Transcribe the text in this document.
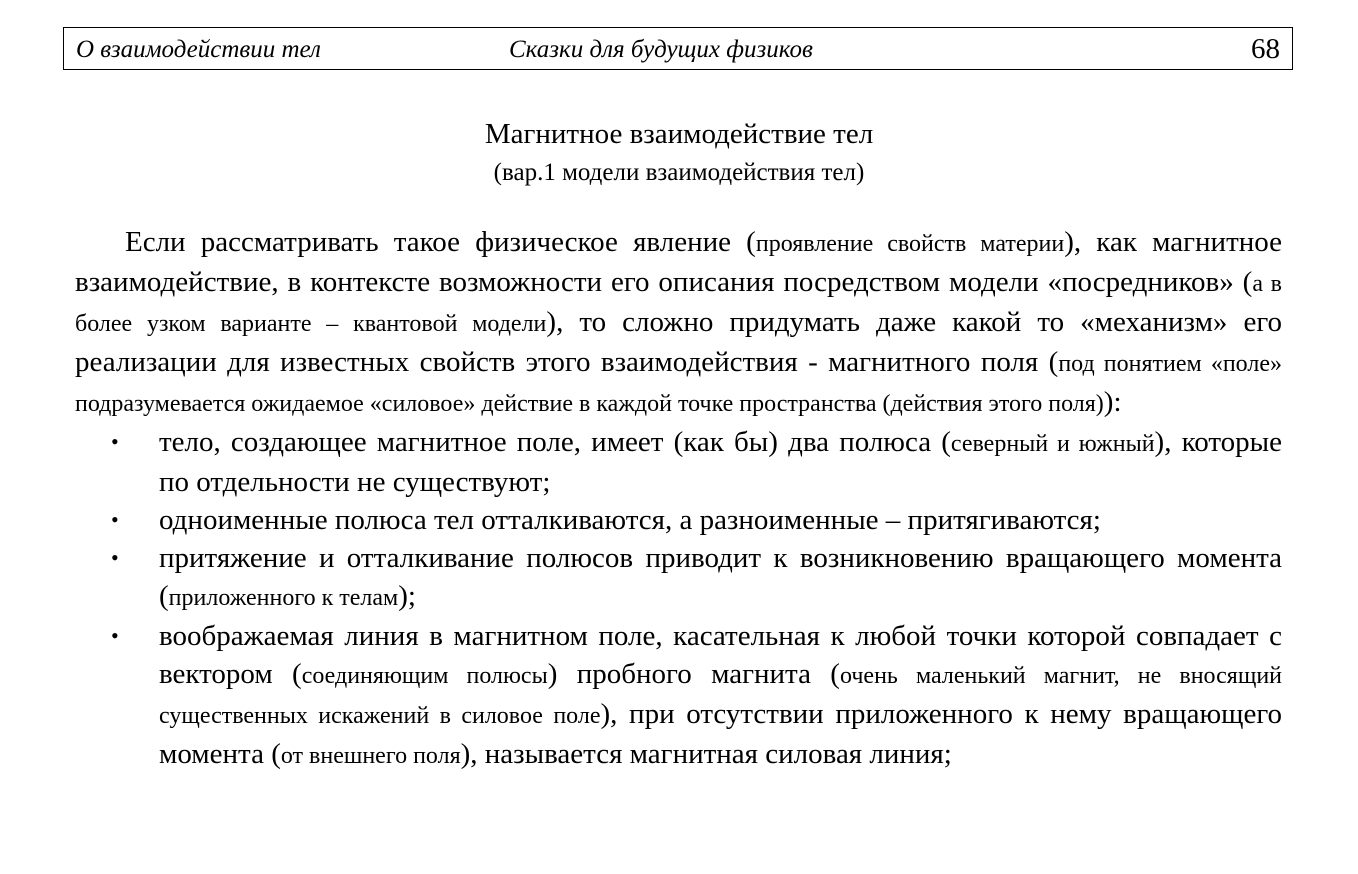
О взаимодействии тел	Сказки для будущих физиков	68
Магнитное взаимодействие тел
(вар.1 модели взаимодействия тел)

Если рассматривать такое физическое явление (проявление свойств материи), как магнитное взаимодействие, в контексте возможности его описания посредством модели «посредников» (а в более узком варианте – квантовой модели), то сложно придумать даже какой то «механизм» его реализации для известных свойств этого взаимодействия - магнитного поля (под понятием «поле» подразумевается ожидаемое «силовое» действие в каждой точке пространства (действия этого поля)):

• тело, создающее магнитное поле, имеет (как бы) два полюса (северный и южный), которые по отдельности не существуют;
• одноименные полюса тел отталкиваются, а разноименные – притягиваются;
• притяжение и отталкивание полюсов приводит к возникновению вращающего момента (приложенного к телам);
• воображаемая линия в магнитном поле, касательная к любой точки которой совпадает с вектором (соединяющим полюсы) пробного магнита (очень маленький магнит, не вносящий существенных искажений в силовое поле), при отсутствии приложенного к нему вращающего момента (от внешнего поля), называется магнитная силовая линия;
